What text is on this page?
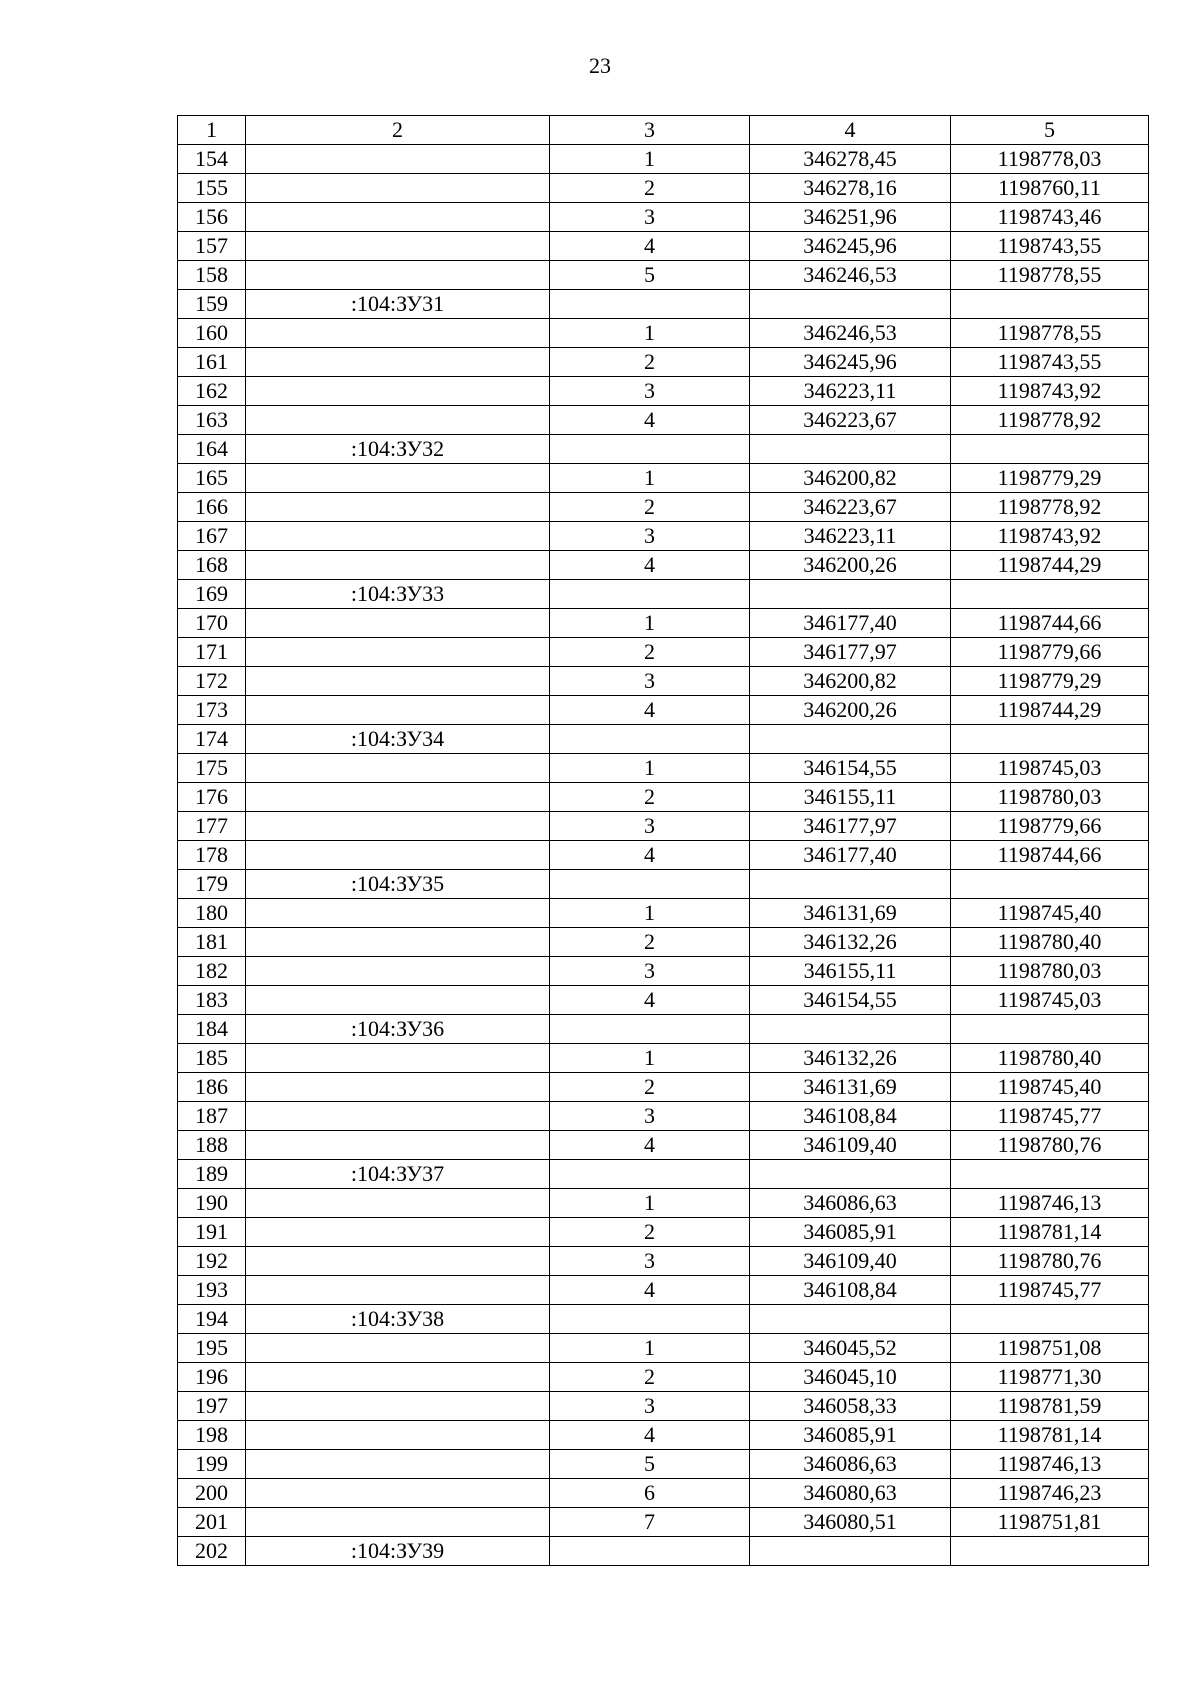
23
1	2	3	4	5
154		1	346278,45	1198778,03
155		2	346278,16	1198760,11
156		3	346251,96	1198743,46
157		4	346245,96	1198743,55
158		5	346246,53	1198778,55
159	:104:ЗУ31			
160		1	346246,53	1198778,55
161		2	346245,96	1198743,55
162		3	346223,11	1198743,92
163		4	346223,67	1198778,92
164	:104:ЗУ32			
165		1	346200,82	1198779,29
166		2	346223,67	1198778,92
167		3	346223,11	1198743,92
168		4	346200,26	1198744,29
169	:104:ЗУ33			
170		1	346177,40	1198744,66
171		2	346177,97	1198779,66
172		3	346200,82	1198779,29
173		4	346200,26	1198744,29
174	:104:ЗУ34			
175		1	346154,55	1198745,03
176		2	346155,11	1198780,03
177		3	346177,97	1198779,66
178		4	346177,40	1198744,66
179	:104:ЗУ35			
180		1	346131,69	1198745,40
181		2	346132,26	1198780,40
182		3	346155,11	1198780,03
183		4	346154,55	1198745,03
184	:104:ЗУ36			
185		1	346132,26	1198780,40
186		2	346131,69	1198745,40
187		3	346108,84	1198745,77
188		4	346109,40	1198780,76
189	:104:ЗУ37			
190		1	346086,63	1198746,13
191		2	346085,91	1198781,14
192		3	346109,40	1198780,76
193		4	346108,84	1198745,77
194	:104:ЗУ38			
195		1	346045,52	1198751,08
196		2	346045,10	1198771,30
197		3	346058,33	1198781,59
198		4	346085,91	1198781,14
199		5	346086,63	1198746,13
200		6	346080,63	1198746,23
201		7	346080,51	1198751,81
202	:104:ЗУ39			
